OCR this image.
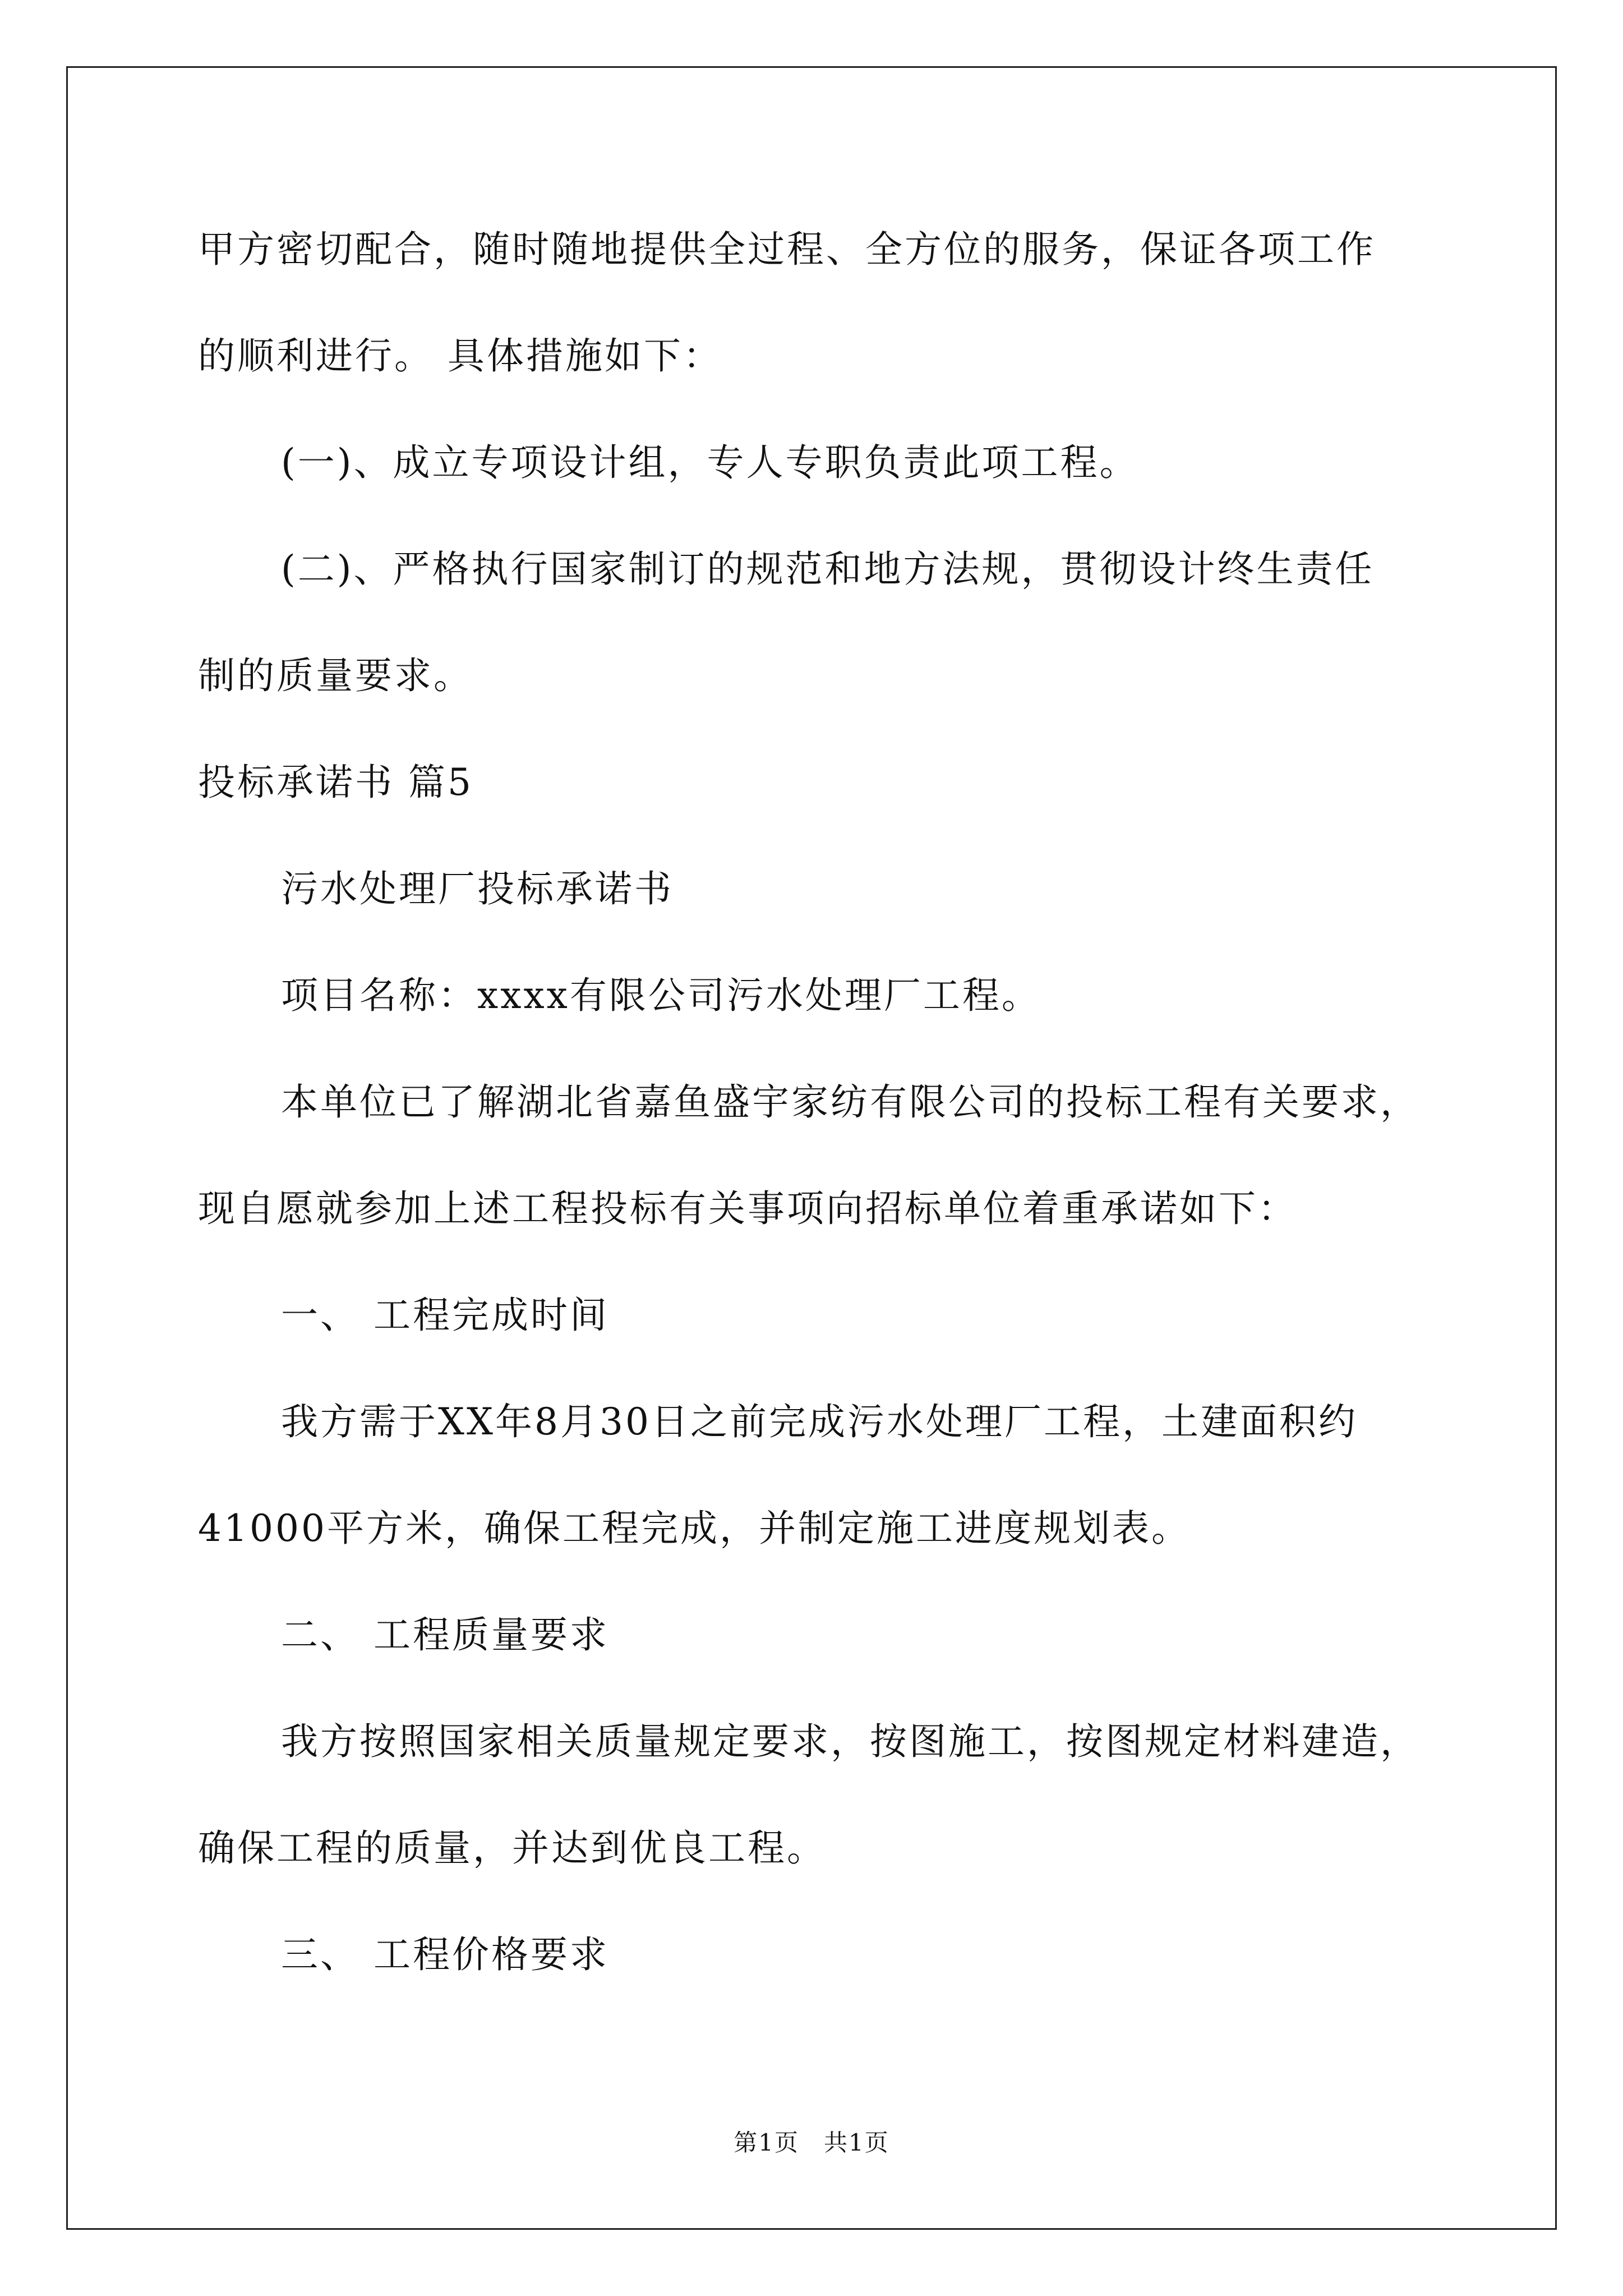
甲方密切配合，随时随地提供全过程、全方位的服务，保证各项工作
的顺利进行。 具体措施如下：
(一)、成立专项设计组，专人专职负责此项工程。
(二)、严格执行国家制订的规范和地方法规，贯彻设计终生责任
制的质量要求。
投标承诺书 篇5
污水处理厂投标承诺书
项目名称：xxxx有限公司污水处理厂工程。
本单位已了解湖北省嘉鱼盛宇家纺有限公司的投标工程有关要求，
现自愿就参加上述工程投标有关事项向招标单位着重承诺如下：
一、 工程完成时间
我方需于XX年8月30日之前完成污水处理厂工程，土建面积约
41000平方米，确保工程完成，并制定施工进度规划表。
二、 工程质量要求
我方按照国家相关质量规定要求，按图施工，按图规定材料建造，
确保工程的质量，并达到优良工程。
三、 工程价格要求
第1页　共1页
